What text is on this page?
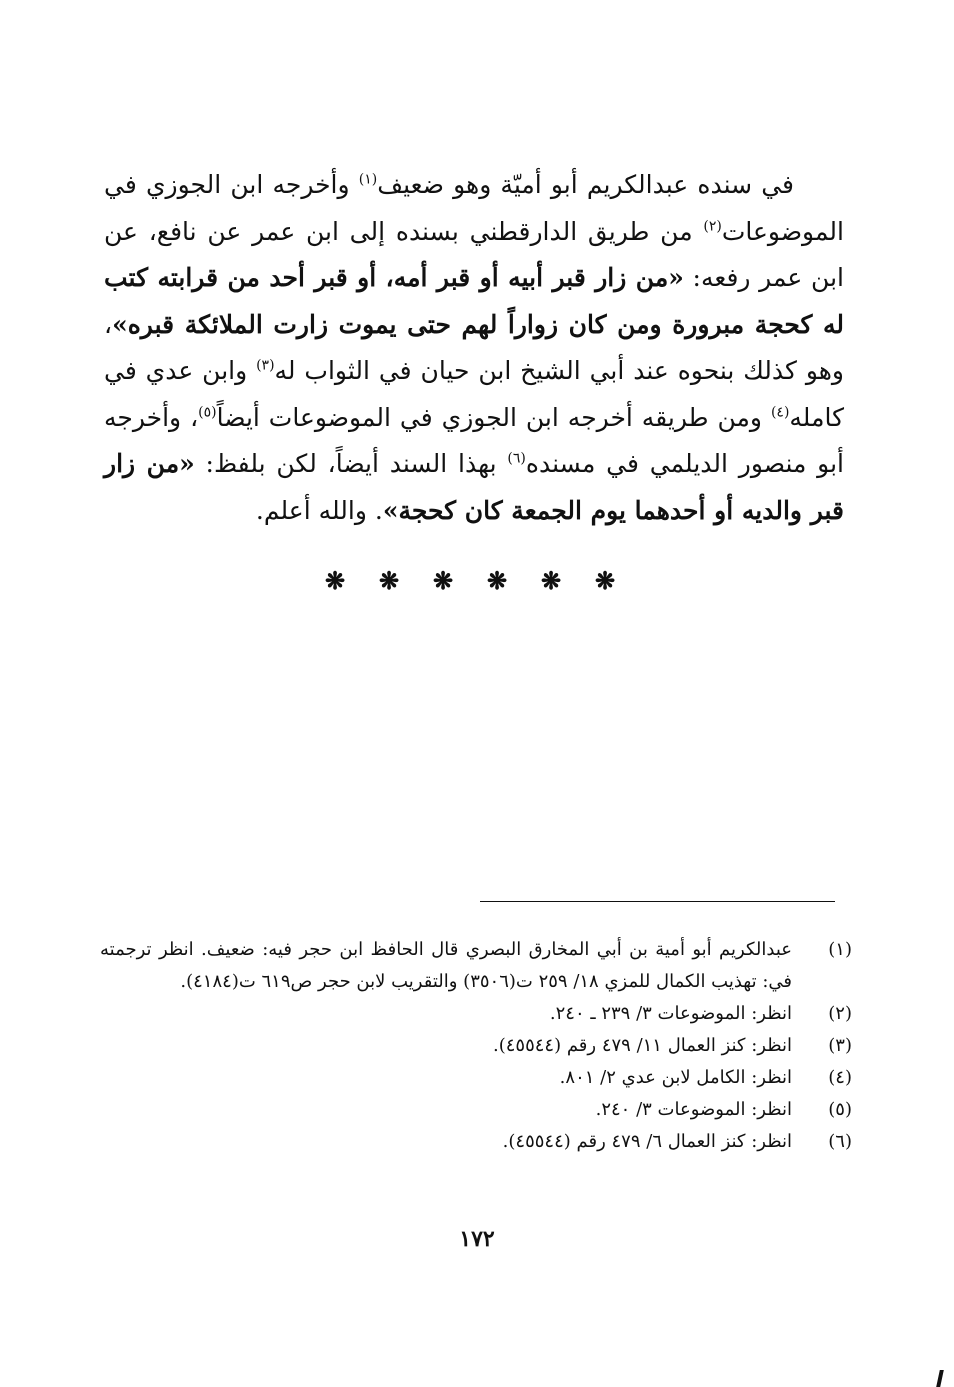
في سنده عبدالكريم أبو أميّة وهو ضعيف$^{(١)}$ وأخرجه ابن الجوزي في الموضوعات$^{(٢)}$ من طريق الدارقطني بسنده إلى ابن عمر عن نافع، عن ابن عمر رفعه: «من زار قبر أبيه أو قبر أمه، أو قبر أحد من قرابته كتب له كحجة مبرورة ومن كان زواراً لهم حتى يموت زارت الملائكة قبره»، وهو كذلك بنحوه عند أبي الشيخ ابن حيان في الثواب له$^{(٣)}$ وابن عدي في كامله$^{(٤)}$ ومن طريقه أخرجه ابن الجوزي في الموضوعات أيضاً$^{(٥)}$، وأخرجه أبو منصور الديلمي في مسنده$^{(٦)}$ بهذا السند أيضاً، لكن بلفظ: «من زار قبر والديه أو أحدهما يوم الجمعة كان كحجة». والله أعلم.

❋ ❋ ❋ ❋ ❋ ❋
(١)
عبدالكريم أبو أمية بن أبي المخارق البصري قال الحافظ ابن حجر فيه: ضعيف. انظر ترجمته في: تهذيب الكمال للمزي ١٨/ ٢٥٩ ت(٣٥٠٦) والتقريب لابن حجر ص٦١٩ ت(٤١٨٤).
(٢)
انظر: الموضوعات ٣/ ٢٣٩ ـ ٢٤٠.
(٣)
انظر: كنز العمال ١١/ ٤٧٩ رقم (٤٥٥٤٤).
(٤)
انظر: الكامل لابن عدي ٢/ ٨٠١.
(٥)
انظر: الموضوعات ٣/ ٢٤٠.
(٦)
انظر: كنز العمال ٦/ ٤٧٩ رقم (٤٥٥٤٤).
١٧٢
